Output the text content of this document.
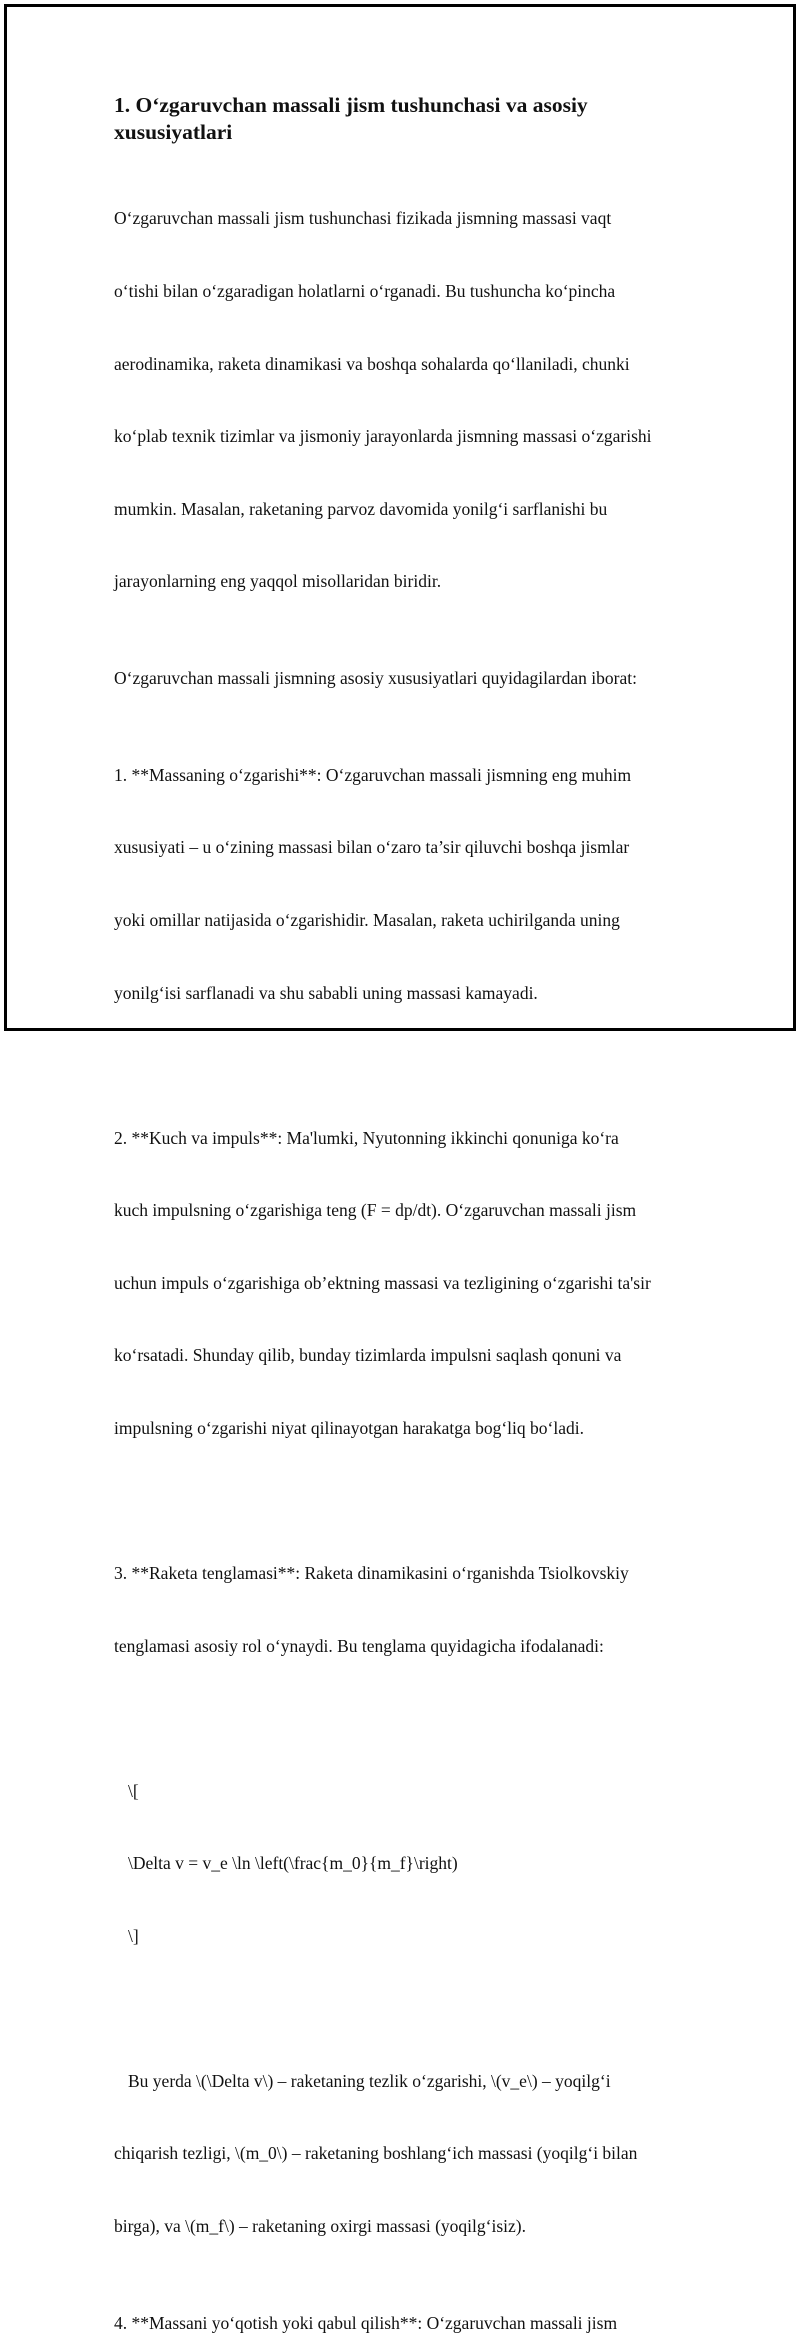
1. O‘zgaruvchan massali jism tushunchasi va asosiy
xususiyatlari

O‘zgaruvchan massali jism tushunchasi fizikada jismning massasi vaqt

o‘tishi bilan o‘zgaradigan holatlarni o‘rganadi. Bu tushuncha ko‘pincha

aerodinamika, raketa dinamikasi va boshqa sohalarda qo‘llaniladi, chunki

ko‘plab texnik tizimlar va jismoniy jarayonlarda jismning massasi o‘zgarishi

mumkin. Masalan, raketaning parvoz davomida yonilg‘i sarflanishi bu

jarayonlarning eng yaqqol misollaridan biridir.

O‘zgaruvchan massali jismning asosiy xususiyatlari quyidagilardan iborat:

1. **Massaning o‘zgarishi**: O‘zgaruvchan massali jismning eng muhim

xususiyati – u o‘zining massasi bilan o‘zaro ta’sir qiluvchi boshqa jismlar

yoki omillar natijasida o‘zgarishidir. Masalan, raketa uchirilganda uning

yonilg‘isi sarflanadi va shu sababli uning massasi kamayadi.

2. **Kuch va impuls**: Ma'lumki, Nyutonning ikkinchi qonuniga ko‘ra

kuch impulsning o‘zgarishiga teng (F = dp/dt). O‘zgaruvchan massali jism

uchun impuls o‘zgarishiga ob’ektning massasi va tezligining o‘zgarishi ta'sir

ko‘rsatadi. Shunday qilib, bunday tizimlarda impulsni saqlash qonuni va

impulsning o‘zgarishi niyat qilinayotgan harakatga bog‘liq bo‘ladi.

3. **Raketa tenglamasi**: Raketa dinamikasini o‘rganishda Tsiolkovskiy

tenglamasi asosiy rol o‘ynaydi. Bu tenglama quyidagicha ifodalanadi:

\[

\Delta v = v_e \ln \left(\frac{m_0}{m_f}\right)

\]

Bu yerda \(\Delta v\) – raketaning tezlik o‘zgarishi, \(v_e\) – yoqilg‘i

chiqarish tezligi, \(m_0\) – raketaning boshlang‘ich massasi (yoqilg‘i bilan

birga), va \(m_f\) – raketaning oxirgi massasi (yoqilg‘isiz).

4. **Massani yo‘qotish yoki qabul qilish**: O‘zgaruvchan massali jism
